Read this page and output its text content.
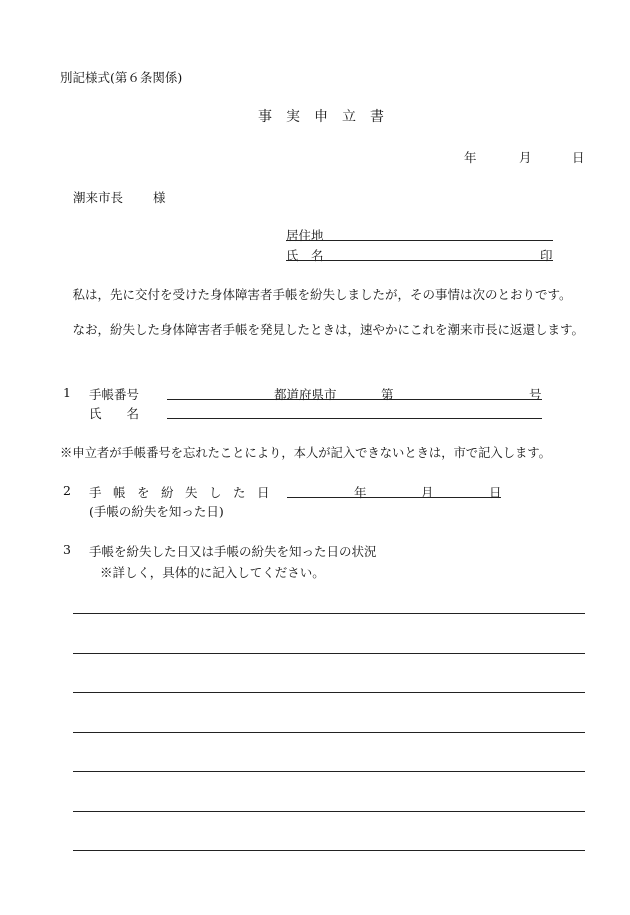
別記様式(第６条関係)
事実申立書
年	月	日
潮来市長 様
居住地
氏　名	印
　私は，先に交付を受けた身体障害者手帳を紛失しましたが，その事情は次のとおりです。
　なお，紛失した身体障害者手帳を発見したときは，速やかにこれを潮来市長に返還します。
1 手帳番号	都道府県市	第	号
氏　　名
※申立者が手帳番号を忘れたことにより，本人が記入できないときは，市で記入します。
2 手帳を紛失した日	年	月	日
(手帳の紛失を知った日)
3 手帳を紛失した日又は手帳の紛失を知った日の状況
※詳しく，具体的に記入してください。
